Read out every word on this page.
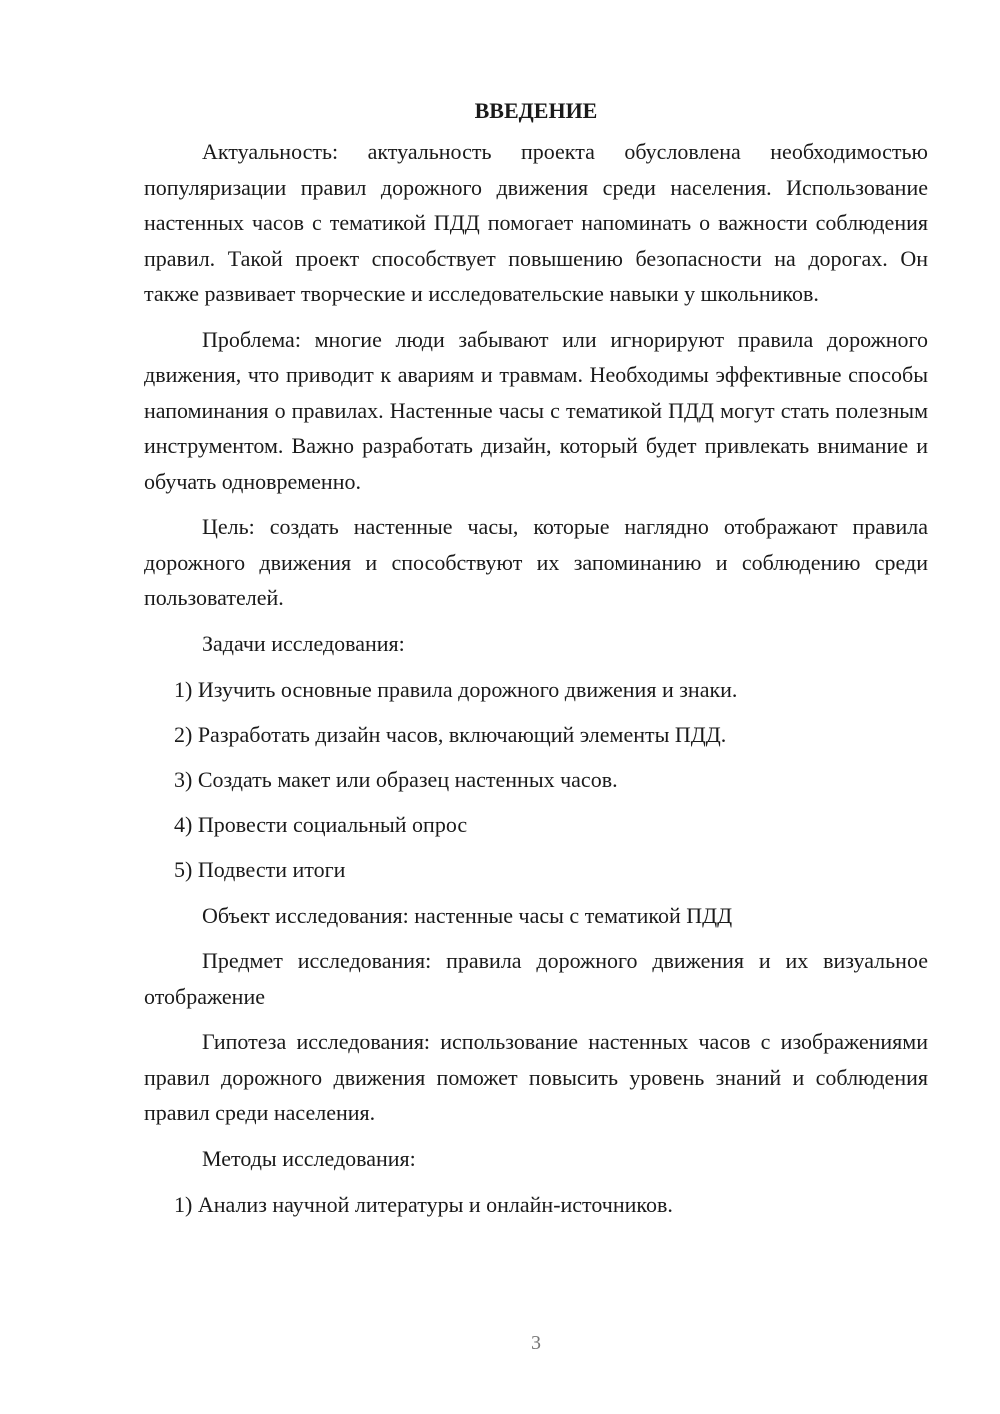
ВВЕДЕНИЕ

Актуальность: актуальность проекта обусловлена необходимостью популяризации правил дорожного движения среди населения. Использование настенных часов с тематикой ПДД помогает напоминать о важности соблюдения правил. Такой проект способствует повышению безопасности на дорогах. Он также развивает творческие и исследовательские навыки у школьников.

Проблема: многие люди забывают или игнорируют правила дорожного движения, что приводит к авариям и травмам. Необходимы эффективные способы напоминания о правилах. Настенные часы с тематикой ПДД могут стать полезным инструментом. Важно разработать дизайн, который будет привлекать внимание и обучать одновременно.

Цель: создать настенные часы, которые наглядно отображают правила дорожного движения и способствуют их запоминанию и соблюдению среди пользователей.

Задачи исследования:

1) Изучить основные правила дорожного движения и знаки.

2) Разработать дизайн часов, включающий элементы ПДД.

3) Создать макет или образец настенных часов.

4) Провести социальный опрос

5) Подвести итоги

Объект исследования: настенные часы с тематикой ПДД

Предмет исследования: правила дорожного движения и их визуальное отображение

Гипотеза исследования: использование настенных часов с изображениями правил дорожного движения поможет повысить уровень знаний и соблюдения правил среди населения.

Методы исследования:

1) Анализ научной литературы и онлайн-источников.

3
